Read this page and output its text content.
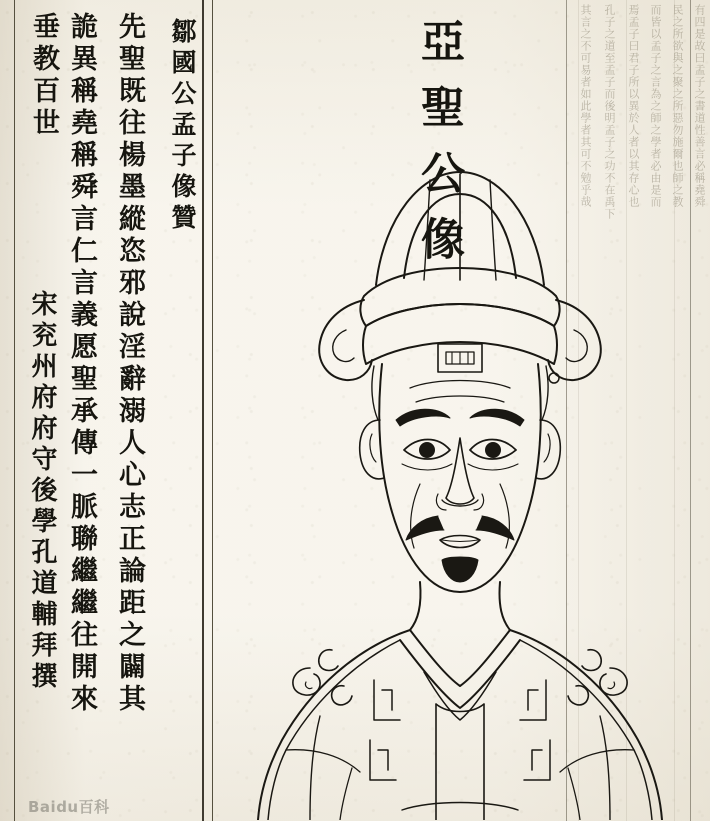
有四是故曰孟子之書道性善言必稱堯舜
民之所欲與之聚之所惡勿施爾也師之教
而皆以孟子之言為之師之學者必由是而
焉孟子曰君子所以異於人者以其存心也
孔子之道至孟子而後明孟子之功不在禹下
其言之不可易者如此學者其可不勉乎哉
亞聖公像
鄒國公孟子像贊
先聖既往楊墨縱恣邪說淫辭溺人心志正論距之闢其
詭異稱堯稱舜言仁言義愿聖承傳一脈聯繼繼往開來
垂教百世
宋兖州府府守後學孔道輔拜撰
Baidu百科
